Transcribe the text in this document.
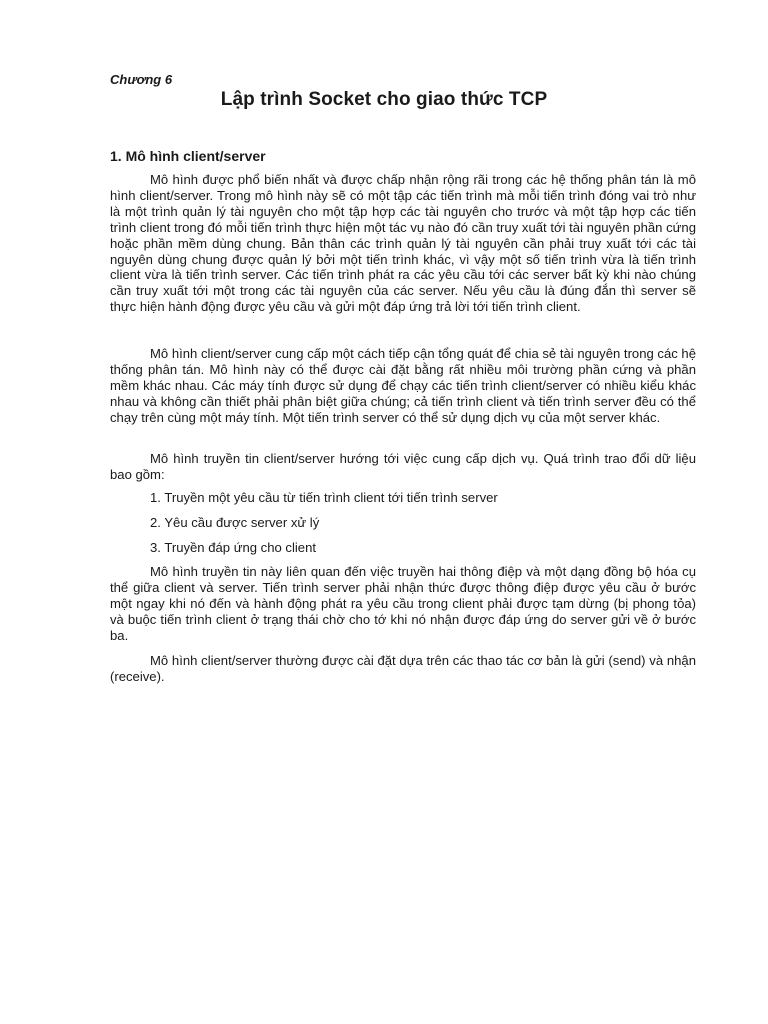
Chương 6
Lập trình Socket cho giao thức TCP
1. Mô hình client/server

Mô hình được phổ biến nhất và được chấp nhận rộng rãi trong các hệ thống phân tán là mô hình client/server. Trong mô hình này sẽ có một tập các tiến trình mà mỗi tiến trình đóng vai trò như là một trình quản lý tài nguyên cho một tập hợp các tài nguyên cho trước và một tập hợp các tiến trình client trong đó mỗi tiến trình thực hiện một tác vụ nào đó cần truy xuất tới tài nguyên phần cứng hoặc phần mềm dùng chung. Bản thân các trình quản lý tài nguyên cần phải truy xuất tới các tài nguyên dùng chung được quản lý bởi một tiến trình khác, vì vậy một số tiến trình vừa là tiến trình client vừa là tiến trình server. Các tiến trình phát ra các yêu cầu tới các server bất kỳ khi nào chúng cần truy xuất tới một trong các tài nguyên của các server. Nếu yêu cầu là đúng đắn thì server sẽ thực hiện hành động được yêu cầu và gửi một đáp ứng trả lời tới tiến trình client.

Mô hình client/server cung cấp một cách tiếp cận tổng quát để chia sẻ tài nguyên trong các hệ thống phân tán. Mô hình này có thể được cài đặt bằng rất nhiều môi trường phần cứng và phần mềm khác nhau. Các máy tính được sử dụng để chạy các tiến trình client/server có nhiều kiểu khác nhau và không cần thiết phải phân biệt giữa chúng; cả tiến trình client và tiến trình server đều có thể chạy trên cùng một máy tính. Một tiến trình server có thể sử dụng dịch vụ của một server khác.

Mô hình truyền tin client/server hướng tới việc cung cấp dịch vụ. Quá trình trao đổi dữ liệu bao gồm:

1. Truyền một yêu cầu từ tiến trình client tới tiến trình server
2. Yêu cầu được server xử lý
3. Truyền đáp ứng cho client

Mô hình truyền tin này liên quan đến việc truyền hai thông điệp và một dạng đồng bộ hóa cụ thể giữa client và server. Tiến trình server phải nhận thức được thông điệp được yêu cầu ở bước một ngay khi nó đến và hành động phát ra yêu cầu trong client phải được tạm dừng (bị phong tỏa) và buộc tiến trình client ở trạng thái chờ cho tớ khi nó nhận được đáp ứng do server gửi về ở bước ba.

Mô hình client/server thường được cài đặt dựa trên các thao tác cơ bản là gửi (send) và nhận (receive).
